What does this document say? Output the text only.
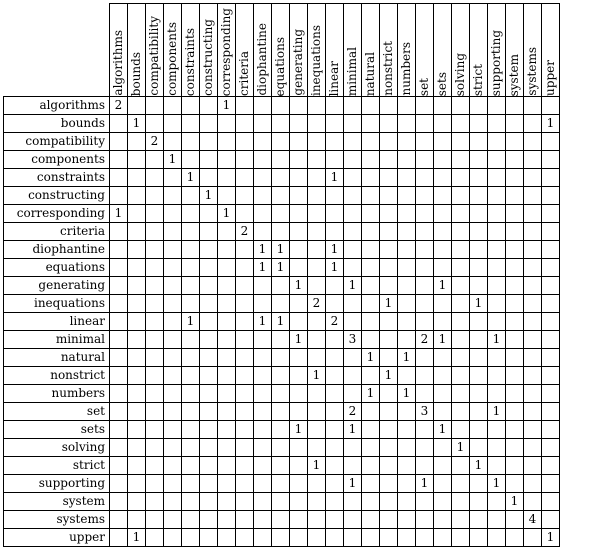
	algorithms	bounds	compatibility	components	constraints	constructing	corresponding	criteria	diophantine	equations	generating	inequations	linear	minimal	natural	nonstrict	numbers	set	sets	solving	strict	supporting	system	systems	upper

algorithms	2						1																		
bounds		1																							1
compatibility			2																						
components				1																					
constraints					1								1												
constructing						1																			
corresponding	1						1																		
criteria								2																	
diophantine									1	1			1												
equations									1	1			1												
generating											1			1					1						
inequations												2				1					1				
linear					1				1	1			2												
minimal											1			3				2	1			1			
natural															1		1								
nonstrict												1				1									
numbers															1		1								
set														2				3				1			
sets											1			1					1						
solving																				1					
strict												1									1				
supporting														1				1				1			
system																							1		
systems																								4	
upper		1																							1
